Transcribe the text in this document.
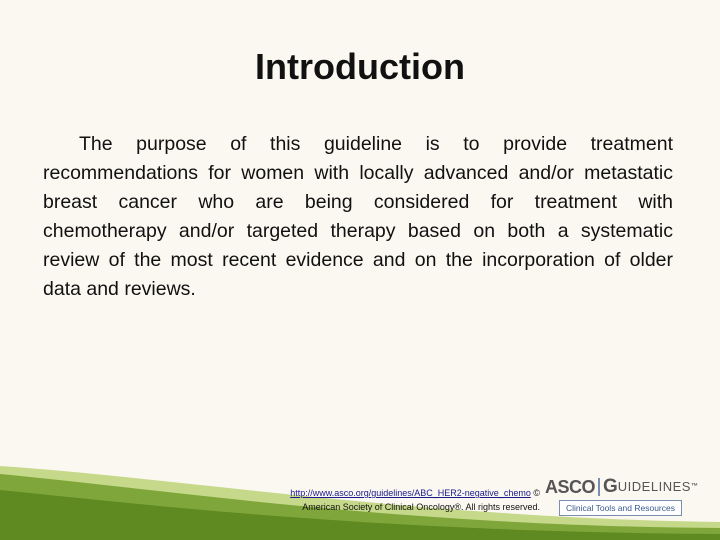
Introduction

The purpose of this guideline is to provide treatment recommendations for women with locally advanced and/or metastatic breast cancer who are being considered for treatment with chemotherapy and/or targeted therapy based on both a systematic review of the most recent evidence and on the incorporation of older data and reviews.

http://www.asco.org/guidelines/ABC_HER2-negative_chemo ©
American Society of Clinical Oncology®. All rights reserved.
ASCO G UIDELINES ™
Clinical Tools and Resources
